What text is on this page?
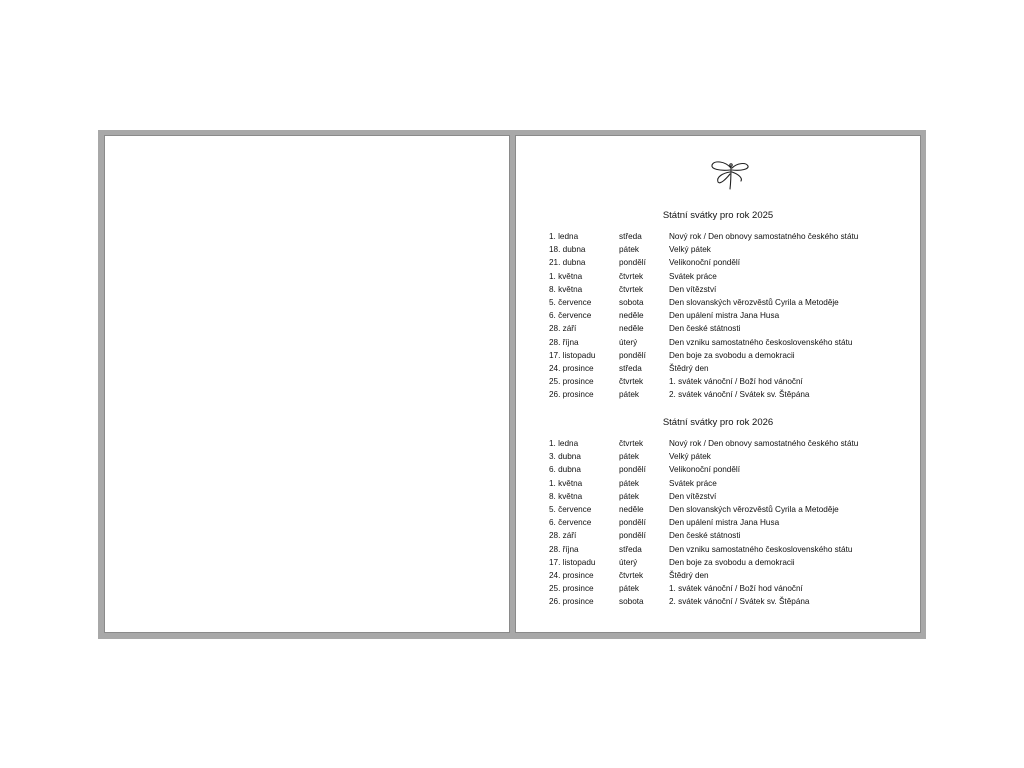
Státní svátky pro rok 2025
1. ledna	středa	Nový rok / Den obnovy samostatného českého státu
18. dubna	pátek	Velký pátek
21. dubna	pondělí	Velikonoční pondělí
1. května	čtvrtek	Svátek práce
8. května	čtvrtek	Den vítězství
5. července	sobota	Den slovanských věrozvěstů Cyrila a Metoděje
6. července	neděle	Den upálení mistra Jana Husa
28. září	neděle	Den české státnosti
28. října	úterý	Den vzniku samostatného československého státu
17. listopadu	pondělí	Den boje za svobodu a demokracii
24. prosince	středa	Štědrý den
25. prosince	čtvrtek	1. svátek vánoční / Boží hod vánoční
26. prosince	pátek	2. svátek vánoční / Svátek sv. Štěpána
Státní svátky pro rok 2026
1. ledna	čtvrtek	Nový rok / Den obnovy samostatného českého státu
3. dubna	pátek	Velký pátek
6. dubna	pondělí	Velikonoční pondělí
1. května	pátek	Svátek práce
8. května	pátek	Den vítězství
5. července	neděle	Den slovanských věrozvěstů Cyrila a Metoděje
6. července	pondělí	Den upálení mistra Jana Husa
28. září	pondělí	Den české státnosti
28. října	středa	Den vzniku samostatného československého státu
17. listopadu	úterý	Den boje za svobodu a demokracii
24. prosince	čtvrtek	Štědrý den
25. prosince	pátek	1. svátek vánoční / Boží hod vánoční
26. prosince	sobota	2. svátek vánoční / Svátek sv. Štěpána
